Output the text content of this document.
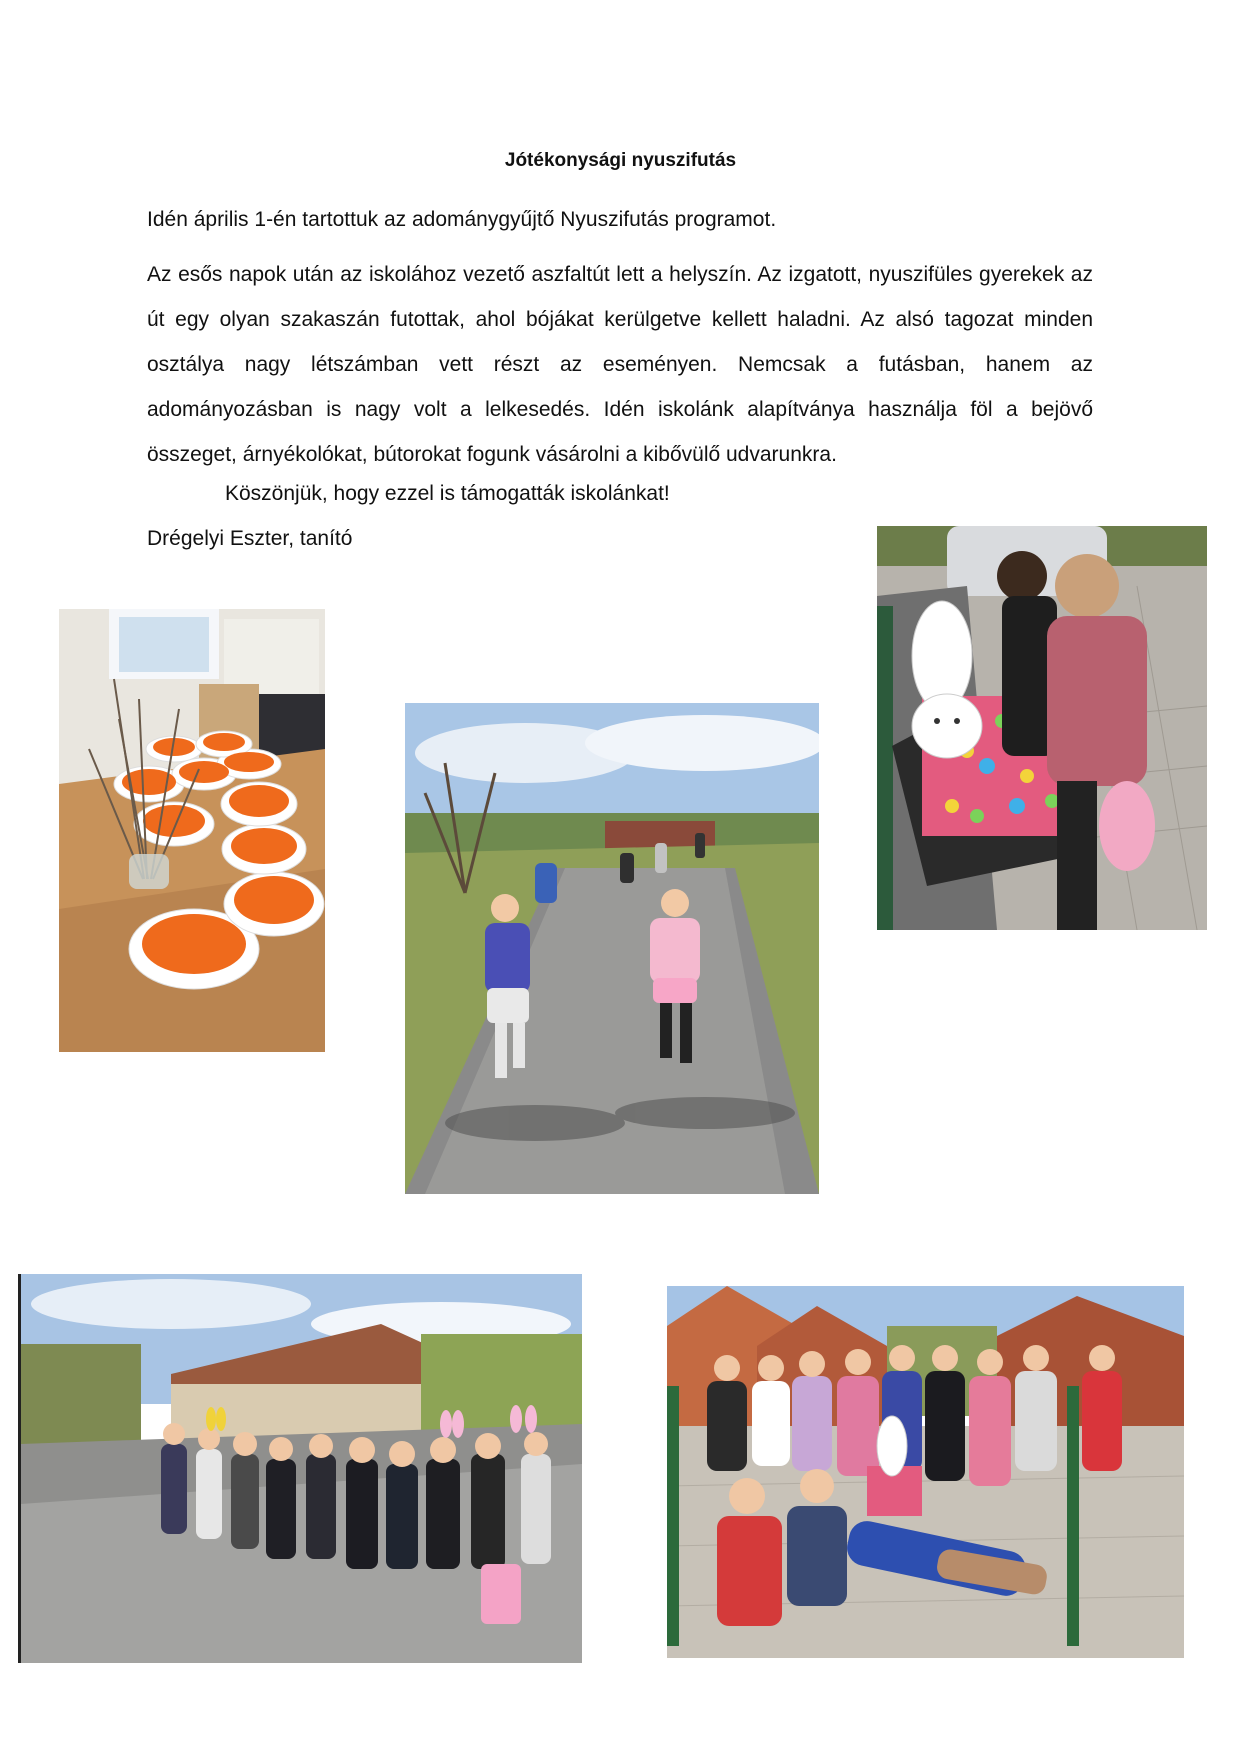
Jótékonysági nyuszifutás
Idén április 1-én tartottuk az adománygyűjtő Nyuszifutás programot.
Az esős napok után az iskolához vezető aszfaltút lett a helyszín. Az izgatott, nyuszifüles gyerekek az út egy olyan szakaszán futottak, ahol bójákat kerülgetve kellett haladni. Az alsó tagozat minden osztálya nagy létszámban vett részt az eseményen. Nemcsak a futásban, hanem az adományozásban is nagy volt a lelkesedés. Idén iskolánk alapítványa használja föl a bejövő összeget, árnyékolókat, bútorokat fogunk vásárolni a kibővülő udvarunkra.
Köszönjük, hogy ezzel is támogatták iskolánkat!
Drégelyi Eszter, tanító
